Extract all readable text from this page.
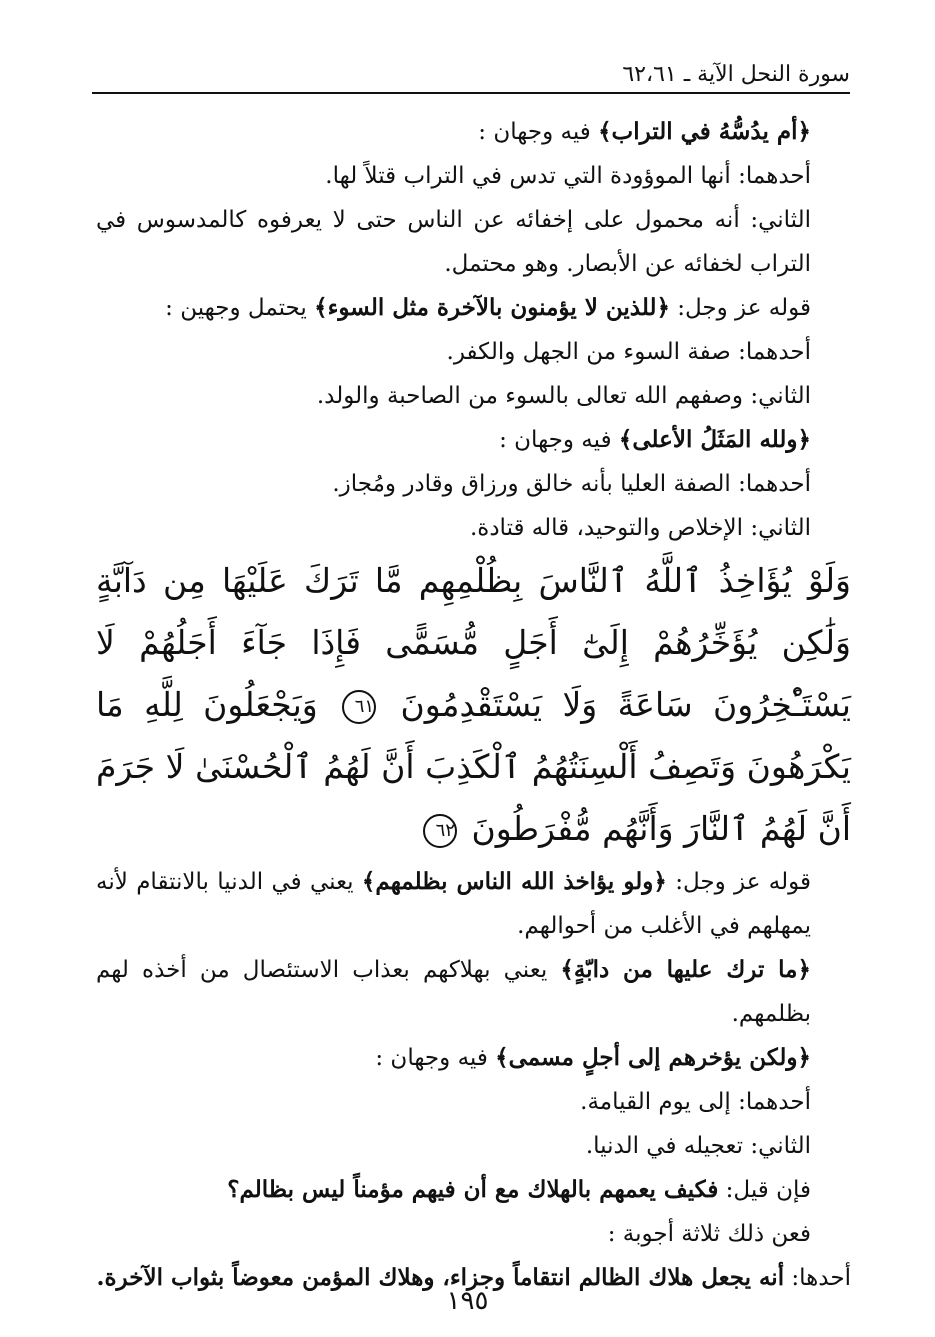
سورة النحل الآية ـ ٦٢،٦١

﴿أم يدُسُّهُ في التراب﴾ فيه وجهان :

أحدهما: أنها الموؤودة التي تدس في التراب قتلاً لها.

الثاني: أنه محمول على إخفائه عن الناس حتى لا يعرفوه كالمدسوس في التراب لخفائه عن الأبصار. وهو محتمل.

قوله عز وجل: ﴿للذين لا يؤمنون بالآخرة مثل السوء﴾ يحتمل وجهين :

أحدهما: صفة السوء من الجهل والكفر.

الثاني: وصفهم الله تعالى بالسوء من الصاحبة والولد.

﴿ولله المَثَلُ الأعلى﴾ فيه وجهان :

أحدهما: الصفة العليا بأنه خالق ورزاق وقادر ومُجاز.

الثاني: الإخلاص والتوحيد، قاله قتادة.

وَلَوْ يُؤَاخِذُ ٱللَّهُ ٱلنَّاسَ بِظُلْمِهِم مَّا تَرَكَ عَلَيْهَا مِن دَآبَّةٍ وَلَٰكِن يُؤَخِّرُهُمْ إِلَىٰٓ أَجَلٍ مُّسَمًّى فَإِذَا جَآءَ أَجَلُهُمْ لَا يَسْتَـْٔخِرُونَ سَاعَةً وَلَا يَسْتَقْدِمُونَ ٦١ وَيَجْعَلُونَ لِلَّهِ مَا يَكْرَهُونَ وَتَصِفُ أَلْسِنَتُهُمُ ٱلْكَذِبَ أَنَّ لَهُمُ ٱلْحُسْنَىٰ لَا جَرَمَ أَنَّ لَهُمُ ٱلنَّارَ وَأَنَّهُم مُّفْرَطُونَ ٦٢

قوله عز وجل: ﴿ولو يؤاخذ الله الناس بظلمهم﴾ يعني في الدنيا بالانتقام لأنه يمهلهم في الأغلب من أحوالهم.

﴿ما ترك عليها من دابّةٍ﴾ يعني بهلاكهم بعذاب الاستئصال من أخذه لهم بظلمهم.

﴿ولكن يؤخرهم إلى أجلٍ مسمى﴾ فيه وجهان :

أحدهما: إلى يوم القيامة.

الثاني: تعجيله في الدنيا.

فإن قيل: فكيف يعمهم بالهلاك مع أن فيهم مؤمناً ليس بظالم؟

فعن ذلك ثلاثة أجوبة :

أحدها: أنه يجعل هلاك الظالم انتقاماً وجزاء، وهلاك المؤمن معوضاً بثواب الآخرة.

١٩٥
